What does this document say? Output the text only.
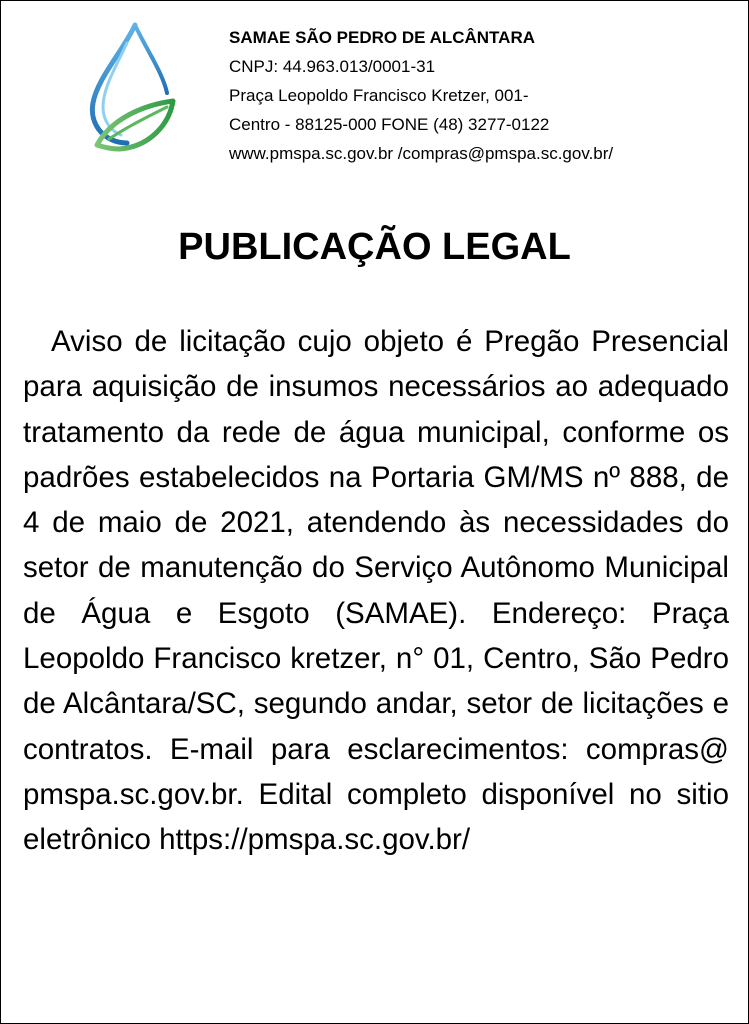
SAMAE SÃO PEDRO DE ALCÂNTARA
CNPJ: 44.963.013/0001-31
Praça Leopoldo Francisco Kretzer, 001-
Centro - 88125-000 FONE (48) 3277-0122
www.pmspa.sc.gov.br /compras@pmspa.sc.gov.br/
PUBLICAÇÃO LEGAL
Aviso de licitação cujo objeto é Pregão Presencial para aquisição de insumos necessários ao adequado tratamento da rede de água municipal, conforme os padrões estabelecidos na Portaria GM/MS nº 888, de 4 de maio de 2021, atendendo às necessidades do setor de manutenção do Serviço Autônomo Municipal de Água e Esgoto (SAMAE). Endereço: Praça Leopoldo Francisco kretzer, n° 01, Centro, São Pedro de Alcântara/SC, segundo andar, setor de licitações e contratos. E-mail para esclarecimentos: compras@ pmspa.sc.gov.br. Edital completo disponível no sitio eletrônico https://pmspa.sc.gov.br/
